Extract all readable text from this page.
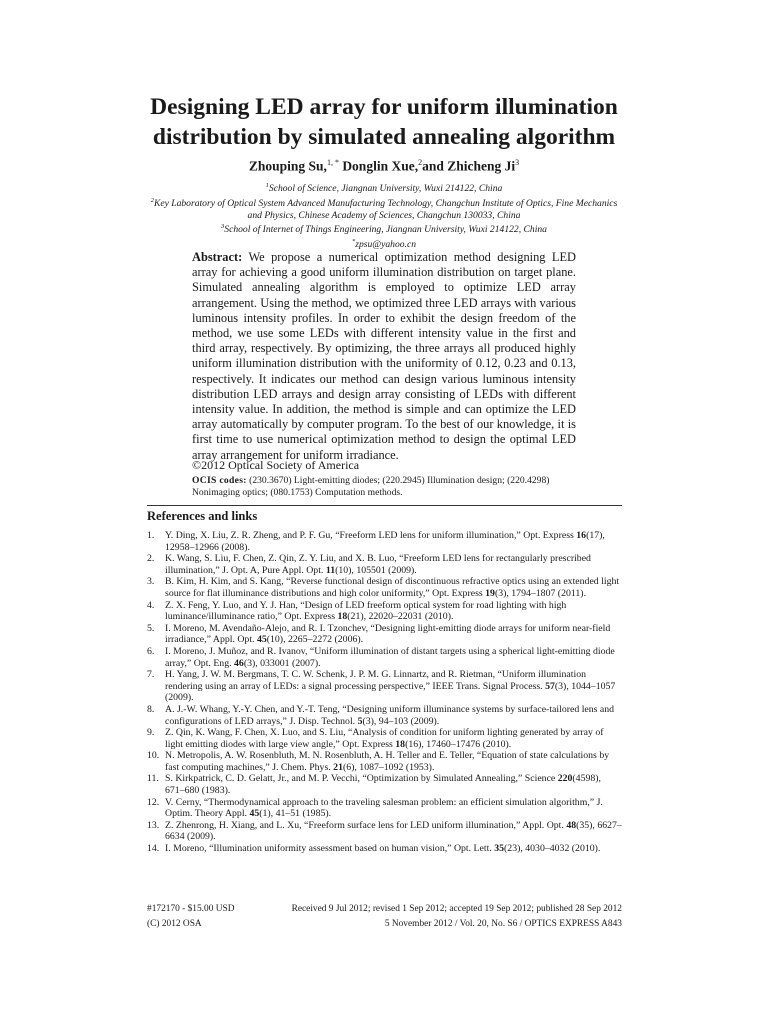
Designing LED array for uniform illumination
distribution by simulated annealing algorithm
Zhouping Su,$^{1, *}$ Donglin Xue,$^2$and Zhicheng Ji$^3$
$^1$School of Science, Jiangnan University, Wuxi 214122, China
$^2$Key Laboratory of Optical System Advanced Manufacturing Technology, Changchun Institute of Optics, Fine Mechanics and Physics, Chinese Academy of Sciences, Changchun 130033, China
$^3$School of Internet of Things Engineering, Jiangnan University, Wuxi 214122, China
*zpsu@yahoo.cn
Abstract: We propose a numerical optimization method designing LED array for achieving a good uniform illumination distribution on target plane. Simulated annealing algorithm is employed to optimize LED array arrangement. Using the method, we optimized three LED arrays with various luminous intensity profiles. In order to exhibit the design freedom of the method, we use some LEDs with different intensity value in the first and third array, respectively. By optimizing, the three arrays all produced highly uniform illumination distribution with the uniformity of 0.12, 0.23 and 0.13, respectively. It indicates our method can design various luminous intensity distribution LED arrays and design array consisting of LEDs with different intensity value. In addition, the method is simple and can optimize the LED array automatically by computer program. To the best of our knowledge, it is first time to use numerical optimization method to design the optimal LED array arrangement for uniform irradiance.
©2012 Optical Society of America
OCIS codes: (230.3670) Light-emitting diodes; (220.2945) Illumination design; (220.4298) Nonimaging optics; (080.1753) Computation methods.
References and links
1. Y. Ding, X. Liu, Z. R. Zheng, and P. F. Gu, “Freeform LED lens for uniform illumination,” Opt. Express 16(17), 12958–12966 (2008).
2. K. Wang, S. Liu, F. Chen, Z. Qin, Z. Y. Liu, and X. B. Luo, “Freeform LED lens for rectangularly prescribed illumination,” J. Opt. A, Pure Appl. Opt. 11(10), 105501 (2009).
3. B. Kim, H. Kim, and S. Kang, “Reverse functional design of discontinuous refractive optics using an extended light source for flat illuminance distributions and high color uniformity,” Opt. Express 19(3), 1794–1807 (2011).
4. Z. X. Feng, Y. Luo, and Y. J. Han, “Design of LED freeform optical system for road lighting with high luminance/illuminance ratio,” Opt. Express 18(21), 22020–22031 (2010).
5. I. Moreno, M. Avendaño-Alejo, and R. I. Tzonchev, “Designing light-emitting diode arrays for uniform near-field irradiance,” Appl. Opt. 45(10), 2265–2272 (2006).
6. I. Moreno, J. Muñoz, and R. Ivanov, “Uniform illumination of distant targets using a spherical light-emitting diode array,” Opt. Eng. 46(3), 033001 (2007).
7. H. Yang, J. W. M. Bergmans, T. C. W. Schenk, J. P. M. G. Linnartz, and R. Rietman, “Uniform illumination rendering using an array of LEDs: a signal processing perspective,” IEEE Trans. Signal Process. 57(3), 1044–1057 (2009).
8. A. J.-W. Whang, Y.-Y. Chen, and Y.-T. Teng, “Designing uniform illuminance systems by surface-tailored lens and configurations of LED arrays,” J. Disp. Technol. 5(3), 94–103 (2009).
9. Z. Qin, K. Wang, F. Chen, X. Luo, and S. Liu, “Analysis of condition for uniform lighting generated by array of light emitting diodes with large view angle,” Opt. Express 18(16), 17460–17476 (2010).
10. N. Metropolis, A. W. Rosenbluth, M. N. Rosenbluth, A. H. Teller and E. Teller, “Equation of state calculations by fast computing machines,” J. Chem. Phys. 21(6), 1087–1092 (1953).
11. S. Kirkpatrick, C. D. Gelatt, Jr., and M. P. Vecchi, “Optimization by Simulated Annealing,” Science 220(4598), 671–680 (1983).
12. V. Cerny, “Thermodynamical approach to the traveling salesman problem: an efficient simulation algorithm,” J. Optim. Theory Appl. 45(1), 41–51 (1985).
13. Z. Zhenrong, H. Xiang, and L. Xu, “Freeform surface lens for LED uniform illumination,” Appl. Opt. 48(35), 6627–6634 (2009).
14. I. Moreno, “Illumination uniformity assessment based on human vision,” Opt. Lett. 35(23), 4030–4032 (2010).
#172170 - $15.00 USD	Received 9 Jul 2012; revised 1 Sep 2012; accepted 19 Sep 2012; published 28 Sep 2012
(C) 2012 OSA	5 November 2012 / Vol. 20, No. S6 / OPTICS EXPRESS A843
